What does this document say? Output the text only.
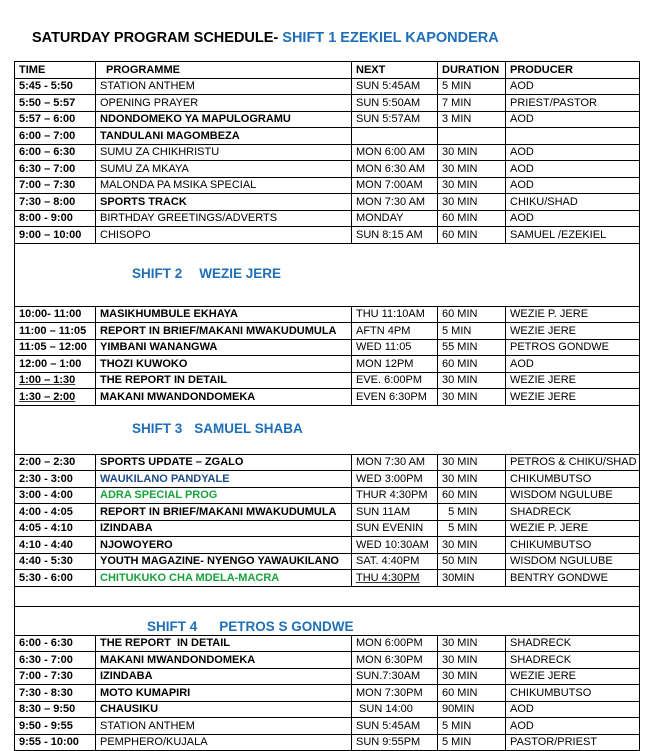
SATURDAY PROGRAM SCHEDULE- SHIFT 1 EZEKIEL KAPONDERA
TIME	PROGRAMME	NEXT	DURATION	PRODUCER
5:45 - 5:50	STATION ANTHEM	SUN 5:45AM	5 MIN	AOD
5:50 – 5:57	OPENING PRAYER	SUN 5:50AM	7 MIN	PRIEST/PASTOR
5:57 – 6:00	NDONDOMEKO YA MAPULOGRAMU	SUN 5:57AM	3 MIN	AOD
6:00 – 7:00	TANDULANI MAGOMBEZA			
6:00 – 6:30	SUMU ZA CHIKHRISTU	MON 6:00 AM	30 MIN	AOD
6:30 – 7:00	SUMU ZA MKAYA	MON 6:30 AM	30 MIN	AOD
7:00 – 7:30	MALONDA PA MSIKA SPECIAL	MON 7:00AM	30 MIN	AOD
7:30 – 8:00	SPORTS TRACK	MON 7:30 AM	30 MIN	CHIKU/SHAD
8:00 - 9:00	BIRTHDAY GREETINGS/ADVERTS	MONDAY	60 MIN	AOD
9:00 – 10:00	CHISOPO	SUN 8:15 AM	60 MIN	SAMUEL /EZEKIEL
SHIFT 2 WEZIE JERE				
10:00- 11:00	MASIKHUMBULE EKHAYA	THU 11:10AM	60 MIN	WEZIE P. JERE
11:00 – 11:05	REPORT IN BRIEF/MAKANI MWAKUDUMULA	AFTN 4PM	5 MIN	WEZIE JERE
11:05 – 12:00	YIMBANI WANANGWA	WED 11:05	55 MIN	PETROS GONDWE
12:00 – 1:00	THOZI KUWOKO	MON 12PM	60 MIN	AOD
1:00 – 1:30	THE REPORT IN DETAIL	EVE. 6:00PM	30 MIN	WEZIE JERE
1:30 – 2:00	MAKANI MWANDONDOMEKA	EVEN 6:30PM	30 MIN	WEZIE JERE
SHIFT 3 SAMUEL SHABA				
2:00 – 2:30	SPORTS UPDATE – ZGALO	MON 7:30 AM	30 MIN	PETROS & CHIKU/SHAD
2:30 - 3:00	WAUKILANO PANDYALE	WED 3:00PM	30 MIN	CHIKUMBUTSO
3:00 - 4:00	ADRA SPECIAL PROG	THUR 4:30PM	60 MIN	WISDOM NGULUBE
4:00 - 4:05	REPORT IN BRIEF/MAKANI MWAKUDUMULA	SUN 11AM	5 MIN	SHADRECK
4:05 - 4:10	IZINDABA	SUN EVENIN	5 MIN	WEZIE P. JERE
4:10 - 4:40	NJOWOYERO	WED 10:30AM	30 MIN	CHIKUMBUTSO
4:40 - 5:30	YOUTH MAGAZINE- NYENGO YAWAUKILANO	SAT. 4:40PM	50 MIN	WISDOM NGULUBE
5:30 - 6:00	CHITUKUKO CHA MDELA-MACRA	THU 4:30PM	30MIN	BENTRY GONDWE

SHIFT 4 PETROS S GONDWE				
6:00 - 6:30	THE REPORT  IN DETAIL	MON 6:00PM	30 MIN	SHADRECK
6:30 - 7:00	MAKANI MWANDONDOMEKA	MON 6:30PM	30 MIN	SHADRECK
7:00 - 7:30	IZINDABA	SUN.7:30AM	30 MIN	WEZIE JERE
7:30 - 8:30	MOTO KUMAPIRI	MON 7:30PM	60 MIN	CHIKUMBUTSO
8:30 – 9:50	CHAUSIKU	SUN 14:00	90MIN	AOD
9:50 - 9:55	STATION ANTHEM	SUN 5:45AM	5 MIN	AOD
9:55 - 10:00	PEMPHERO/KUJALA	SUN 9:55PM	5 MIN	PASTOR/PRIEST
